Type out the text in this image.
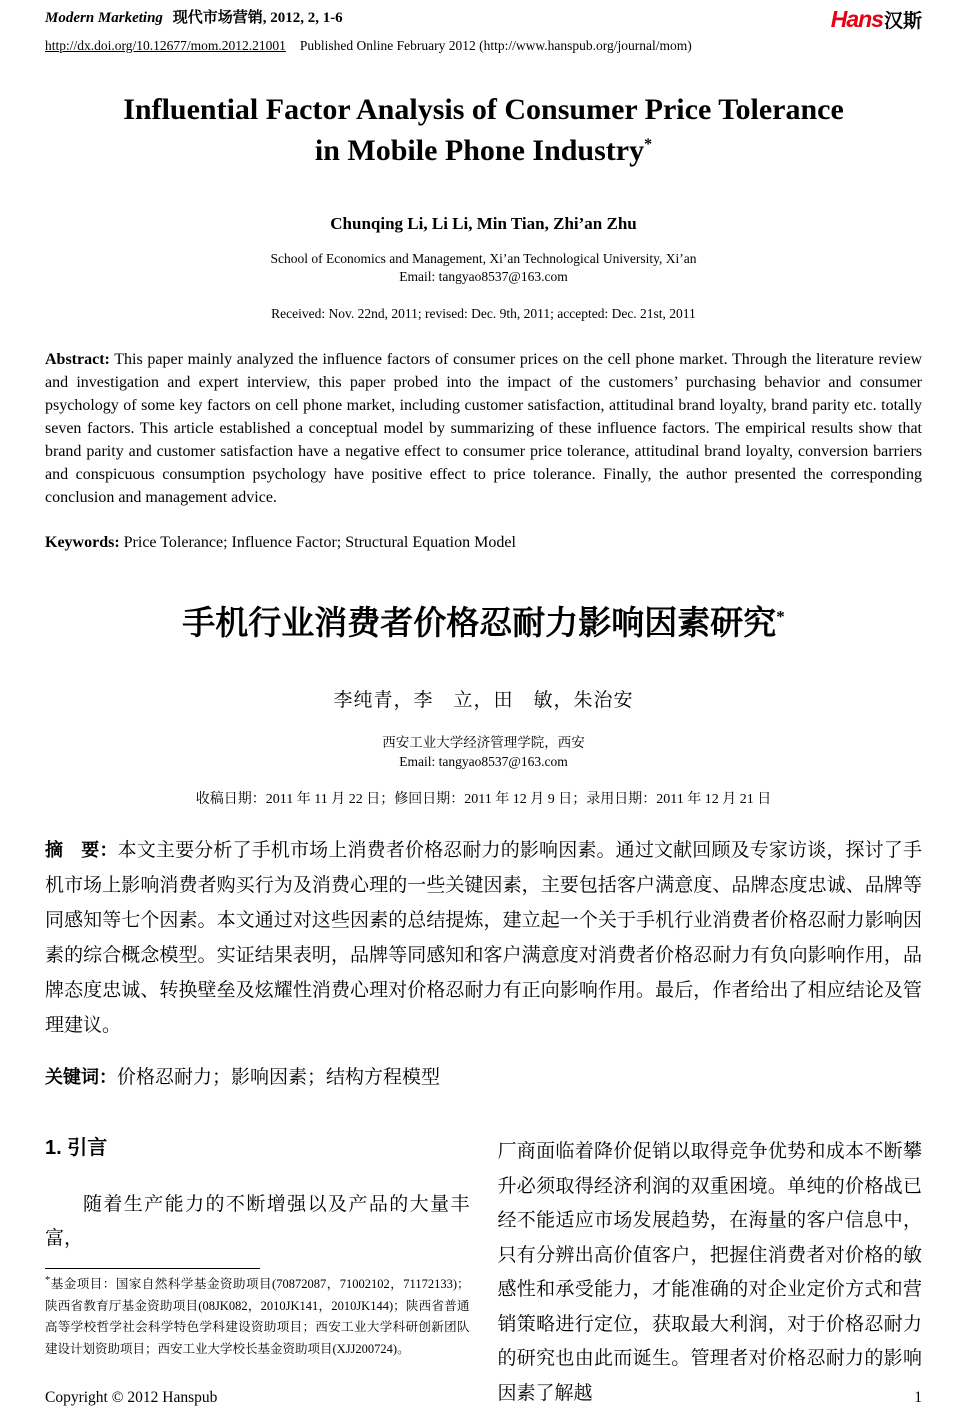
Modern Marketing 现代市场营销, 2012, 2, 1-6	Hans汉斯
http://dx.doi.org/10.12677/mom.2012.21001 Published Online February 2012 (http://www.hanspub.org/journal/mom)
Influential Factor Analysis of Consumer Price Tolerance
in Mobile Phone Industry*
Chunqing Li, Li Li, Min Tian, Zhi’an Zhu
School of Economics and Management, Xi’an Technological University, Xi’an
Email: tangyao8537@163.com
Received: Nov. 22nd, 2011; revised: Dec. 9th, 2011; accepted: Dec. 21st, 2011

Abstract: This paper mainly analyzed the influence factors of consumer prices on the cell phone market. Through the literature review and investigation and expert interview, this paper probed into the impact of the customers’ purchasing behavior and consumer psychology of some key factors on cell phone market, including customer satisfaction, attitudinal brand loyalty, brand parity etc. totally seven factors. This article established a conceptual model by summarizing of these influence factors. The empirical results show that brand parity and customer satisfaction have a negative effect to consumer price tolerance, attitudinal brand loyalty, conversion barriers and conspicuous consumption psychology have positive effect to price tolerance. Finally, the author presented the corresponding conclusion and management advice.

Keywords: Price Tolerance; Influence Factor; Structural Equation Model

手机行业消费者价格忍耐力影响因素研究*
李纯青，李　立，田　敏，朱治安
西安工业大学经济管理学院，西安
Email: tangyao8537@163.com
收稿日期：2011 年 11 月 22 日；修回日期：2011 年 12 月 9 日；录用日期：2011 年 12 月 21 日

摘　要：本文主要分析了手机市场上消费者价格忍耐力的影响因素。通过文献回顾及专家访谈，探讨了手机市场上影响消费者购买行为及消费心理的一些关键因素，主要包括客户满意度、品牌态度忠诚、品牌等同感知等七个因素。本文通过对这些因素的总结提炼，建立起一个关于手机行业消费者价格忍耐力影响因素的综合概念模型。实证结果表明，品牌等同感知和客户满意度对消费者价格忍耐力有负向影响作用，品牌态度忠诚、转换壁垒及炫耀性消费心理对价格忍耐力有正向影响作用。最后，作者给出了相应结论及管理建议。

关键词：价格忍耐力；影响因素；结构方程模型

1. 引言

随着生产能力的不断增强以及产品的大量丰富，

*基金项目：国家自然科学基金资助项目(70872087，71002102，71172133)；陕西省教育厅基金资助项目(08JK082，2010JK141，2010JK144)；陕西省普通高等学校哲学社会科学特色学科建设资助项目；西安工业大学科研创新团队建设计划资助项目；西安工业大学校长基金资助项目(XJJ200724)。

厂商面临着降价促销以取得竞争优势和成本不断攀升必须取得经济利润的双重困境。单纯的价格战已经不能适应市场发展趋势，在海量的客户信息中，只有分辨出高价值客户，把握住消费者对价格的敏感性和承受能力，才能准确的对企业定价方式和营销策略进行定位，获取最大利润，对于价格忍耐力的研究也由此而诞生。管理者对价格忍耐力的影响因素了解越

Copyright © 2012 Hanspub	1
